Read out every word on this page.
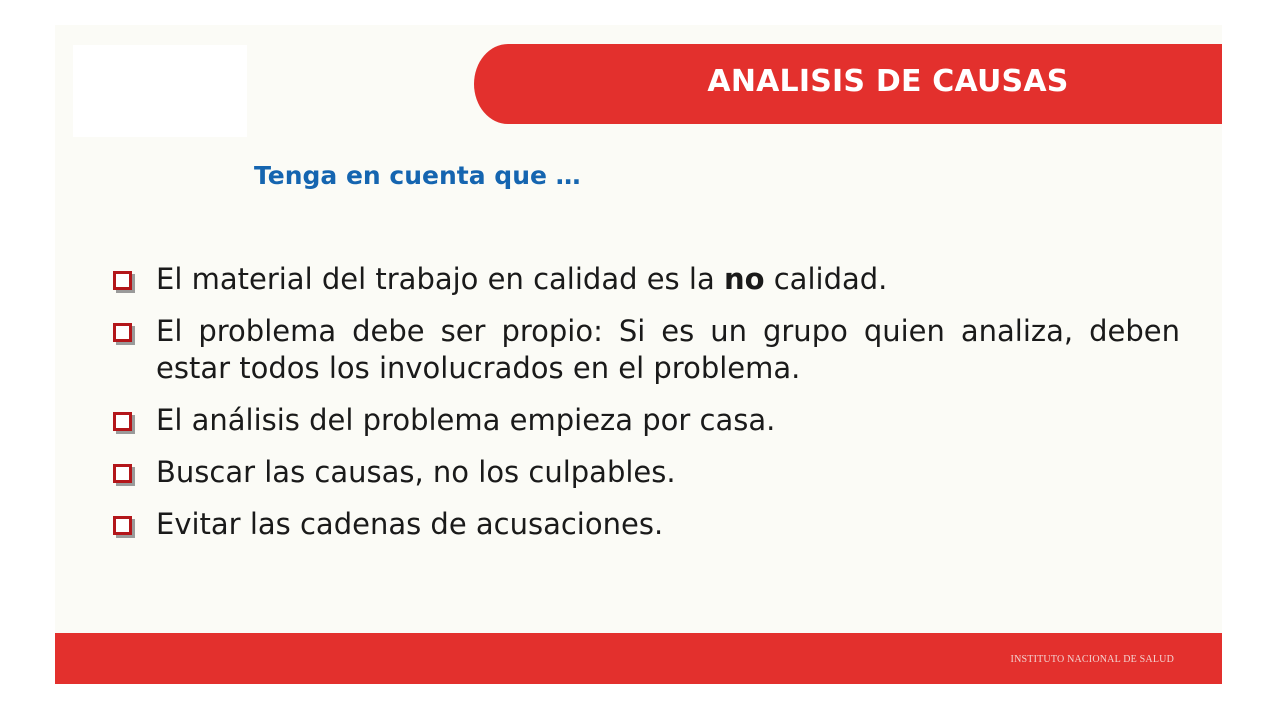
ANALISIS DE CAUSAS
Tenga en cuenta que …
El material del trabajo en calidad es la no calidad.
El problema debe ser propio: Si es un grupo quien analiza, deben estar todos los involucrados en el problema.
El análisis del problema empieza por casa.
Buscar las causas, no los culpables.
Evitar las cadenas de acusaciones.
INSTITUTO NACIONAL DE SALUD
